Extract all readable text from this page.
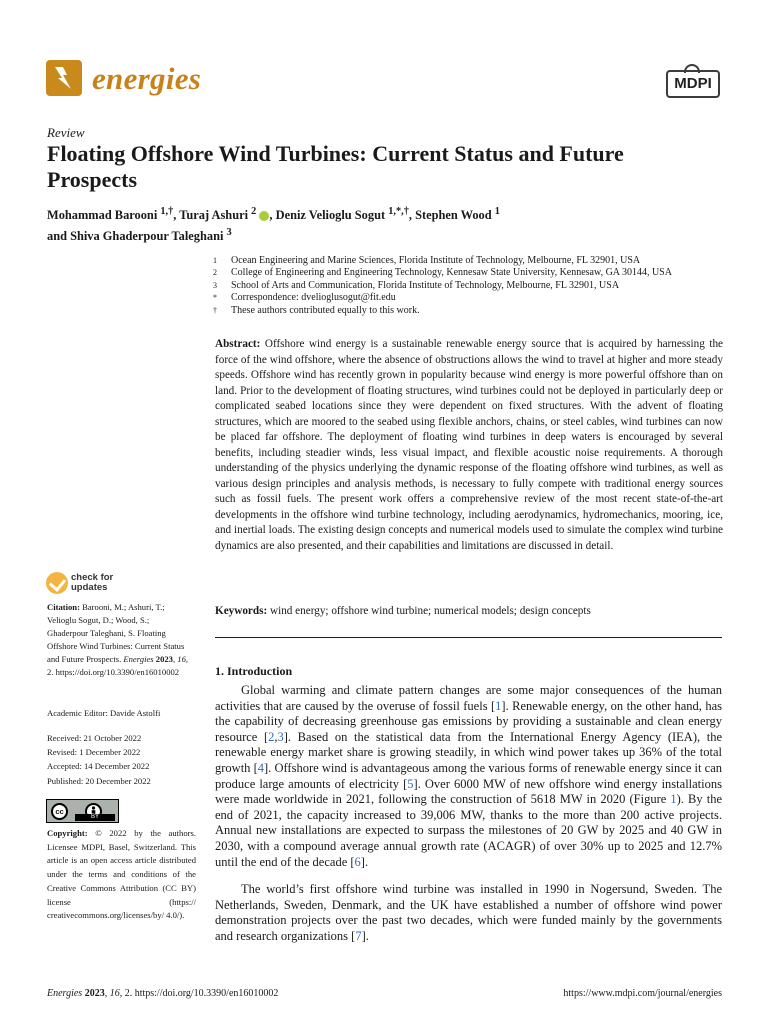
energies	MDPI
Review
Floating Offshore Wind Turbines: Current Status and Future Prospects
Mohammad Barooni $^{1,\dagger}$, Turaj Ashuri $^2$ , Deniz Velioglu Sogut $^{1,*,\dagger}$, Stephen Wood $^1$
and Shiva Ghaderpour Taleghani $^3$
1	Ocean Engineering and Marine Sciences, Florida Institute of Technology, Melbourne, FL 32901, USA
2	College of Engineering and Engineering Technology, Kennesaw State University, Kennesaw, GA 30144, USA
3	School of Arts and Communication, Florida Institute of Technology, Melbourne, FL 32901, USA
*	Correspondence: dvelioglusogut@fit.edu
†	These authors contributed equally to this work.
Abstract: Offshore wind energy is a sustainable renewable energy source that is acquired by harnessing the force of the wind offshore, where the absence of obstructions allows the wind to travel at higher and more steady speeds. Offshore wind has recently grown in popularity because wind energy is more powerful offshore than on land. Prior to the development of floating structures, wind turbines could not be deployed in particularly deep or complicated seabed locations since they were dependent on fixed structures. With the advent of floating structures, which are moored to the seabed using flexible anchors, chains, or steel cables, wind turbines can now be placed far offshore. The deployment of floating wind turbines in deep waters is encouraged by several benefits, including steadier winds, less visual impact, and flexible acoustic noise requirements. A thorough understanding of the physics underlying the dynamic response of the floating offshore wind turbines, as well as various design principles and analysis methods, is necessary to fully compete with traditional energy sources such as fossil fuels. The present work offers a comprehensive review of the most recent state-of-the-art developments in the offshore wind turbine technology, including aerodynamics, hydromechanics, mooring, ice, and inertial loads. The existing design concepts and numerical models used to simulate the complex wind turbine dynamics are also presented, and their capabilities and limitations are discussed in detail.
Keywords: wind energy; offshore wind turbine; numerical models; design concepts
1. Introduction
Global warming and climate pattern changes are some major consequences of the human activities that are caused by the overuse of fossil fuels [1]. Renewable energy, on the other hand, has the capability of decreasing greenhouse gas emissions by providing a sustainable and clean energy resource [2,3]. Based on the statistical data from the International Energy Agency (IEA), the renewable energy market share is growing steadily, in which wind power takes up 36% of the total growth [4]. Offshore wind is advantageous among the various forms of renewable energy since it can produce large amounts of electricity [5]. Over 6000 MW of new offshore wind energy installations were made worldwide in 2021, following the construction of 5618 MW in 2020 (Figure 1). By the end of 2021, the capacity increased to 39,006 MW, thanks to the more than 200 active projects. Annual new installations are expected to surpass the milestones of 20 GW by 2025 and 40 GW in 2030, with a compound average annual growth rate (ACAGR) of over 30% up to 2025 and 12.7% until the end of the decade [6].
The world’s first offshore wind turbine was installed in 1990 in Nogersund, Sweden. The Netherlands, Sweden, Denmark, and the UK have established a number of offshore wind power demonstration projects over the past two decades, which were funded mainly by the governments and research organizations [7].
check for
updates
Citation: Barooni, M.; Ashuri, T.; Velioglu Sogut, D.; Wood, S.; Ghaderpour Taleghani, S. Floating Offshore Wind Turbines: Current Status and Future Prospects. Energies 2023, 16, 2. https://doi.org/10.3390/en16010002
Academic Editor: Davide Astolfi
Received: 21 October 2022
Revised: 1 December 2022
Accepted: 14 December 2022
Published: 20 December 2022
cc
BY
Copyright: © 2022 by the authors. Licensee MDPI, Basel, Switzerland. This article is an open access article distributed under the terms and conditions of the Creative Commons Attribution (CC BY) license (https:// creativecommons.org/licenses/by/ 4.0/).
Energies 2023, 16, 2. https://doi.org/10.3390/en16010002	https://www.mdpi.com/journal/energies
